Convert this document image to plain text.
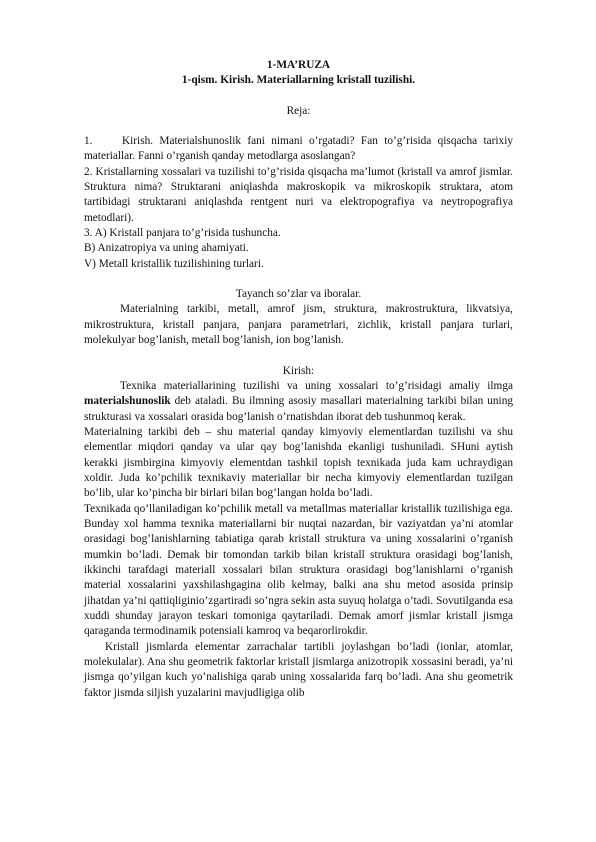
1-MA’RUZA

1-qism. Kirish. Materiallarning kristall tuzilishi.

Reja:

1.	Kirish. Materialshunoslik fani nimani o’rgatadi? Fan to’g’risida qisqacha tarixiy materiallar. Fanni o’rganish qanday metodlarga asoslangan?

2. Kristallarning xossalari va tuzilishi to’g’risida qisqacha ma’lumot (kristall va amrof jismlar. Struktura nima? Struktarani aniqlashda makroskopik va mikroskopik struktara, atom tartibidagi struktarani aniqlashda rentgent nuri va elektropografiya va neytropografiya metodlari).

3. A) Kristall panjara to’g’risida tushuncha.

B) Anizatropiya va uning ahamiyati.

V) Metall kristallik tuzilishining turlari.

Tayanch so’zlar va iboralar.

Materialning tarkibi, metall, amrof jism, struktura, makrostruktura, likvatsiya, mikrostruktura, kristall panjara, panjara parametrlari, zichlik, kristall panjara turlari, molekulyar bog’lanish, metall bog’lanish, ion bog’lanish.

Kirish:

Texnika materiallarining tuzilishi va uning xossalari to’g’risidagi amaliy ilmga materialshunoslik deb ataladi. Bu ilmning asosiy masallari materialning tarkibi bilan uning strukturasi va xossalari orasida bog’lanish o’rnatishdan iborat deb tushunmoq kerak.

Materialning tarkibi deb – shu material qanday kimyoviy elementlardan tuzilishi va shu elementlar miqdori qanday va ular qay bog’lanishda ekanligi tushuniladi. SHuni aytish kerakki jismbirgina kimyoviy elementdan tashkil topish texnikada juda kam uchraydigan xoldir. Juda ko’pchilik texnikaviy materiallar bir necha kimyoviy elementlardan tuzilgan bo’lib, ular ko’pincha bir birlari bilan bog’langan holda bo’ladi.

Texnikada qo’llaniladigan ko’pchilik metall va metallmas materiallar kristallik tuzilishiga ega. Bunday xol hamma texnika materiallarni bir nuqtai nazardan, bir vaziyatdan ya’ni atomlar orasidagi bog’lanishlarning tabiatiga qarab kristall struktura va uning xossalarini o’rganish mumkin bo’ladi. Demak bir tomondan tarkib bilan kristall struktura orasidagi bog’lanish, ikkinchi tarafdagi materiall xossalari bilan struktura orasidagi bog’lanishlarni o’rganish material xossalarini yaxshilashgagina olib kelmay, balki ana shu metod asosida prinsip jihatdan ya’ni qattiqliginio’zgartiradi so’ngra sekin asta suyuq holatga o’tadi. Sovutilganda esa xuddi shunday jarayon teskari tomoniga qaytariladi. Demak amorf jismlar kristall jismga qaraganda termodinamik potensiali kamroq va beqarorlirokdir.

Kristall jismlarda elementar zarrachalar tartibli joylashgan bo’ladi (ionlar, atomlar, molekulalar). Ana shu geometrik faktorlar kristall jismlarga anizotropik xossasini beradi, ya’ni jismga qo’yilgan kuch yo’nalishiga qarab uning xossalarida farq bo’ladi. Ana shu geometrik faktor jismda siljish yuzalarini mavjudligiga olib
